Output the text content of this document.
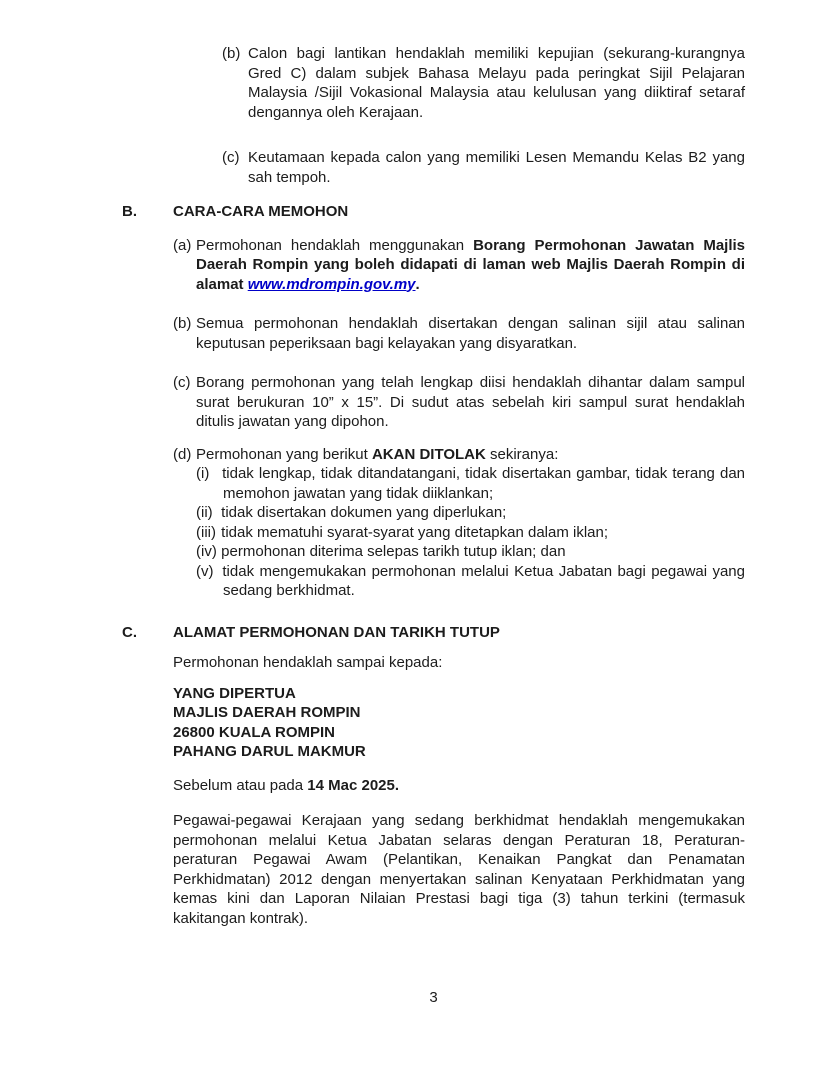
(b) Calon bagi lantikan hendaklah memiliki kepujian (sekurang-kurangnya Gred C) dalam subjek Bahasa Melayu pada peringkat Sijil Pelajaran Malaysia /Sijil Vokasional Malaysia atau kelulusan yang diiktiraf setaraf dengannya oleh Kerajaan.
(c) Keutamaan kepada calon yang memiliki Lesen Memandu Kelas B2 yang sah tempoh.
B.	CARA-CARA MEMOHON
(a) Permohonan hendaklah menggunakan Borang Permohonan Jawatan Majlis Daerah Rompin yang boleh didapati di laman web Majlis Daerah Rompin di alamat www.mdrompin.gov.my.
(b) Semua permohonan hendaklah disertakan dengan salinan sijil atau salinan keputusan peperiksaan bagi kelayakan yang disyaratkan.
(c) Borang permohonan yang telah lengkap diisi hendaklah dihantar dalam sampul surat berukuran 10” x 15”. Di sudut atas sebelah kiri sampul surat hendaklah ditulis jawatan yang dipohon.
(d) Permohonan yang berikut AKAN DITOLAK sekiranya:
(i) tidak lengkap, tidak ditandatangani, tidak disertakan gambar, tidak terang dan memohon jawatan yang tidak diiklankan;
(ii) tidak disertakan dokumen yang diperlukan;
(iii) tidak mematuhi syarat-syarat yang ditetapkan dalam iklan;
(iv) permohonan diterima selepas tarikh tutup iklan; dan
(v) tidak mengemukakan permohonan melalui Ketua Jabatan bagi pegawai yang sedang berkhidmat.
C.	ALAMAT PERMOHONAN DAN TARIKH TUTUP
Permohonan hendaklah sampai kepada:
YANG DIPERTUA
MAJLIS DAERAH ROMPIN
26800 KUALA ROMPIN
PAHANG DARUL MAKMUR
Sebelum atau pada 14 Mac 2025.
Pegawai-pegawai Kerajaan yang sedang berkhidmat hendaklah mengemukakan permohonan melalui Ketua Jabatan selaras dengan Peraturan 18, Peraturan-peraturan Pegawai Awam (Pelantikan, Kenaikan Pangkat dan Penamatan Perkhidmatan) 2012 dengan menyertakan salinan Kenyataan Perkhidmatan yang kemas kini dan Laporan Nilaian Prestasi bagi tiga (3) tahun terkini (termasuk kakitangan kontrak).
3
